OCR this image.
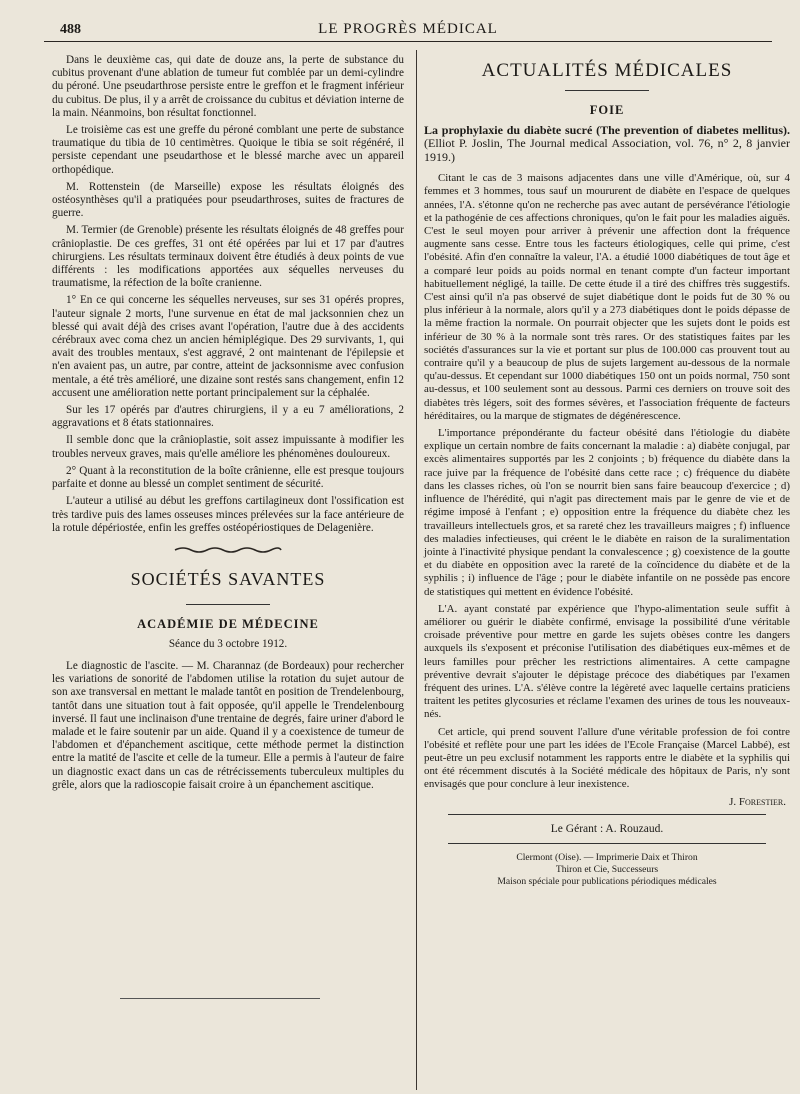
488	LE PROGRÈS MÉDICAL

Dans le deuxième cas, qui date de douze ans, la perte de substance du cubitus provenant d'une ablation de tumeur fut comblée par un demi-cylindre du péroné. Une pseudarthrose persiste entre le greffon et le fragment inférieur du cubitus. De plus, il y a arrêt de croissance du cubitus et déviation interne de la main. Néanmoins, bon résultat fonctionnel.

Le troisième cas est une greffe du péroné comblant une perte de substance traumatique du tibia de 10 centimètres. Quoique le tibia se soit régénéré, il persiste cependant une pseudarthose et le blessé marche avec un appareil orthopédique.

M. Rottenstein (de Marseille) expose les résultats éloignés des ostéosynthèses qu'il a pratiquées pour pseudarthroses, suites de fractures de guerre.

M. Termier (de Grenoble) présente les résultats éloignés de 48 greffes pour crânioplastie. De ces greffes, 31 ont été opérées par lui et 17 par d'autres chirurgiens. Les résultats terminaux doivent être étudiés à deux points de vue différents : les modifications apportées aux séquelles nerveuses du traumatisme, la réfection de la boîte cranienne.

1° En ce qui concerne les séquelles nerveuses, sur ses 31 opérés propres, l'auteur signale 2 morts, l'une survenue en état de mal jacksonnien chez un blessé qui avait déjà des crises avant l'opération, l'autre due à des accidents cérébraux avec coma chez un ancien hémiplégique. Des 29 survivants, 1, qui avait des troubles mentaux, s'est aggravé, 2 ont maintenant de l'épilepsie et n'en avaient pas, un autre, par contre, atteint de jacksonnisme avec confusion mentale, a été très amélioré, une dizaine sont restés sans changement, enfin 12 accusent une amélioration nette portant principalement sur la céphalée.

Sur les 17 opérés par d'autres chirurgiens, il y a eu 7 améliorations, 2 aggravations et 8 états stationnaires.

Il semble donc que la crânioplastie, soit assez impuissante à modifier les troubles nerveux graves, mais qu'elle améliore les phénomènes douloureux.

2° Quant à la reconstitution de la boîte crânienne, elle est presque toujours parfaite et donne au blessé un complet sentiment de sécurité.

L'auteur a utilisé au début les greffons cartilagineux dont l'ossification est très tardive puis des lames osseuses minces prélevées sur la face antérieure de la rotule dépériostée, enfin les greffes ostéopériostiques de Delagenière.

SOCIÉTÉS SAVANTES
ACADÉMIE DE MÉDECINE
Séance du 3 octobre 1912.

Le diagnostic de l'ascite. — M. Charannaz (de Bordeaux) pour rechercher les variations de sonorité de l'abdomen utilise la rotation du sujet autour de son axe transversal en mettant le malade tantôt en position de Trendelenbourg, tantôt dans une situation tout à fait opposée, qu'il appelle le Trendelenbourg inversé. Il faut une inclinaison d'une trentaine de degrés, faire uriner d'abord le malade et le faire soutenir par un aide. Quand il y a coexistence de tumeur de l'abdomen et d'épanchement ascitique, cette méthode permet la distinction entre la matité de l'ascite et celle de la tumeur. Elle a permis à l'auteur de faire un diagnostic exact dans un cas de rétrécissements tuberculeux multiples du grêle, alors que la radioscopie faisait croire à un épanchement ascitique.

ACTUALITÉS MÉDICALES
FOIE
La prophylaxie du diabète sucré (The prevention of diabetes mellitus). (Elliot P. Joslin, The Journal medical Association, vol. 76, n° 2, 8 janvier 1919.)

Citant le cas de 3 maisons adjacentes dans une ville d'Amérique, où, sur 4 femmes et 3 hommes, tous sauf un moururent de diabète en l'espace de quelques années, l'A. s'étonne qu'on ne recherche pas avec autant de persévérance l'étiologie et la pathogénie de ces affections chroniques, qu'on le fait pour les maladies aiguës. C'est le seul moyen pour arriver à prévenir une affection dont la fréquence augmente sans cesse. Entre tous les facteurs étiologiques, celle qui prime, c'est l'obésité. Afin d'en connaître la valeur, l'A. a étudié 1000 diabétiques de tout âge et a comparé leur poids au poids normal en tenant compte d'un facteur important habituellement négligé, la taille. De cette étude il a tiré des chiffres très suggestifs. C'est ainsi qu'il n'a pas observé de sujet diabétique dont le poids fut de 30 % ou plus inférieur à la normale, alors qu'il y a 273 diabétiques dont le poids dépasse de la même fraction la normale. On pourrait objecter que les sujets dont le poids est inférieur de 30 % à la normale sont très rares. Or des statistiques faites par les sociétés d'assurances sur la vie et portant sur plus de 100.000 cas prouvent tout au contraire qu'il y a beaucoup de plus de sujets largement au-dessous de la normale qu'au-dessus. Et cependant sur 1000 diabétiques 150 ont un poids normal, 750 sont au-dessus, et 100 seulement sont au dessous. Parmi ces derniers on trouve soit des diabètes très légers, soit des formes sévères, et l'association fréquente de facteurs héréditaires, ou la marque de stigmates de dégénérescence.

L'importance prépondérante du facteur obésité dans l'étiologie du diabète explique un certain nombre de faits concernant la maladie : a) diabète conjugal, par excès alimentaires supportés par les 2 conjoints ; b) fréquence du diabète dans la race juive par la fréquence de l'obésité dans cette race ; c) fréquence du diabète dans les classes riches, où l'on se nourrit bien sans faire beaucoup d'exercice ; d) influence de l'hérédité, qui n'agit pas directement mais par le genre de vie et de régime imposé à l'enfant ; e) opposition entre la fréquence du diabète chez les travailleurs intellectuels gros, et sa rareté chez les travailleurs maigres ; f) influence des maladies infectieuses, qui créent le le diabète en raison de la suralimentation jointe à l'inactivité physique pendant la convalescence ; g) coexistence de la goutte et du diabète en opposition avec la rareté de la coïncidence du diabète et de la syphilis ; i) influence de l'âge ; pour le diabète infantile on ne possède pas encore de statistiques qui mettent en évidence l'obésité.

L'A. ayant constaté par expérience que l'hypo-alimentation seule suffit à améliorer ou guérir le diabète confirmé, envisage la possibilité d'une véritable croisade préventive pour mettre en garde les sujets obèses contre les dangers auxquels ils s'exposent et préconise l'utilisation des diabétiques eux-mêmes et de leurs familles pour prêcher les restrictions alimentaires. A cette campagne préventive devrait s'ajouter le dépistage précoce des diabétiques par l'examen fréquent des urines. L'A. s'élève contre la légèreté avec laquelle certains praticiens traitent les petites glycosuries et réclame l'examen des urines de tous les nouveaux-nés.

Cet article, qui prend souvent l'allure d'une véritable profession de foi contre l'obésité et reflète pour une part les idées de l'Ecole Française (Marcel Labbé), est peut-être un peu exclusif notamment les rapports entre le diabète et la syphilis qui ont été récemment discutés à la Société médicale des hôpitaux de Paris, n'y sont envisagés que pour conclure à leur inexistence.

J. Forestier.
Le Gérant : A. Rouzaud.
Clermont (Oise). — Imprimerie Daix et Thiron
Thiron et Cie, Successeurs
Maison spéciale pour publications périodiques médicales
